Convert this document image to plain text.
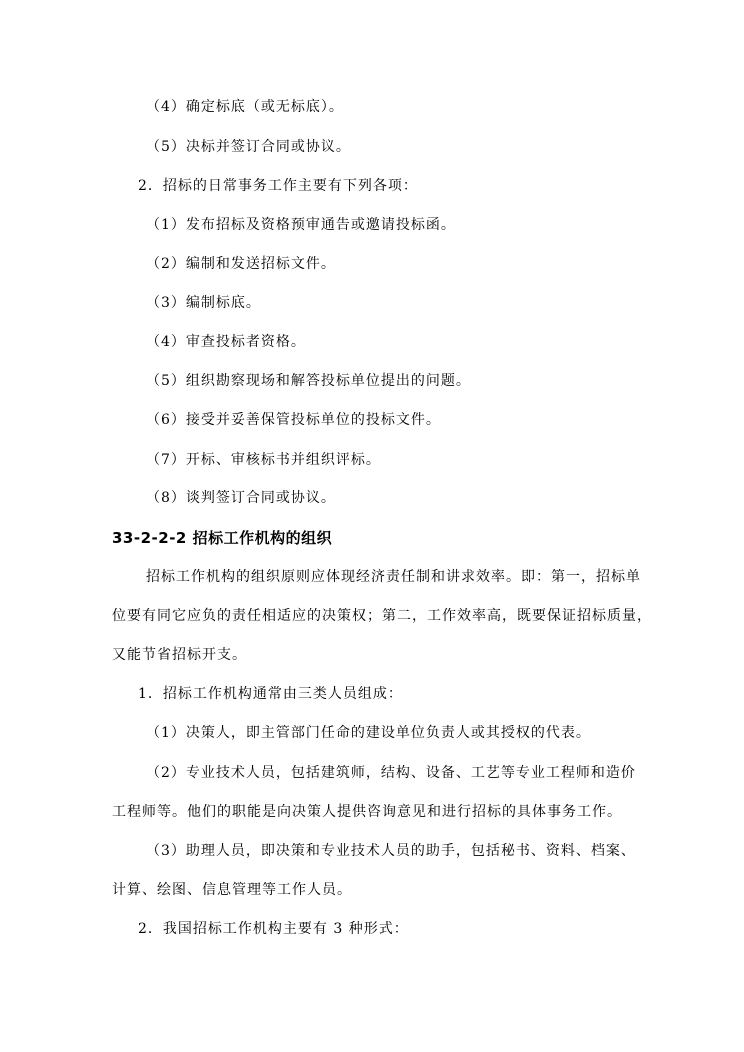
（4）确定标底（或无标底）。
（5）决标并签订合同或协议。
2．招标的日常事务工作主要有下列各项：
（1）发布招标及资格预审通告或邀请投标函。
（2）编制和发送招标文件。
（3）编制标底。
（4）审查投标者资格。
（5）组织勘察现场和解答投标单位提出的问题。
（6）接受并妥善保管投标单位的投标文件。
（7）开标、审核标书并组织评标。
（8）谈判签订合同或协议。
33-2-2-2 招标工作机构的组织
招标工作机构的组织原则应体现经济责任制和讲求效率。即：第一，招标单
位要有同它应负的责任相适应的决策权；第二，工作效率高，既要保证招标质量，
又能节省招标开支。
1．招标工作机构通常由三类人员组成：
（1）决策人，即主管部门任命的建设单位负责人或其授权的代表。
（2）专业技术人员，包括建筑师，结构、设备、工艺等专业工程师和造价
工程师等。他们的职能是向决策人提供咨询意见和进行招标的具体事务工作。
（3）助理人员，即决策和专业技术人员的助手，包括秘书、资料、档案、
计算、绘图、信息管理等工作人员。
2．我国招标工作机构主要有 3 种形式：
